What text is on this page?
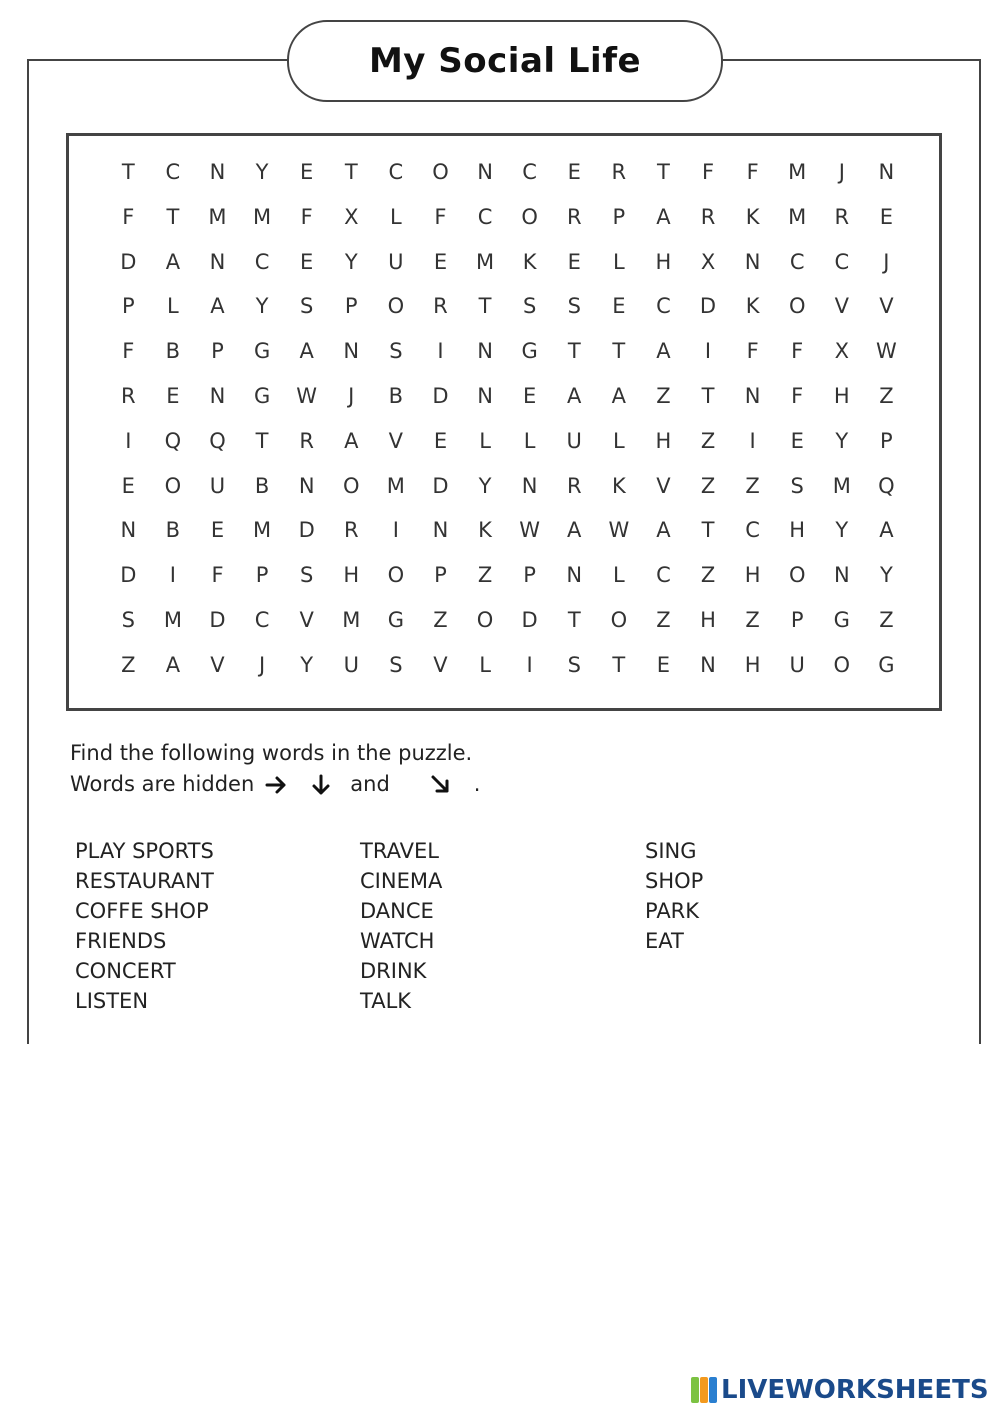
My Social Life
T	C	N	Y	E	T	C	O	N	C	E	R	T	F	F	M	J	N
F	T	M	M	F	X	L	F	C	O	R	P	A	R	K	M	R	E
D	A	N	C	E	Y	U	E	M	K	E	L	H	X	N	C	C	J
P	L	A	Y	S	P	O	R	T	S	S	E	C	D	K	O	V	V
F	B	P	G	A	N	S	I	N	G	T	T	A	I	F	F	X	W
R	E	N	G	W	J	B	D	N	E	A	A	Z	T	N	F	H	Z
I	Q	Q	T	R	A	V	E	L	L	U	L	H	Z	I	E	Y	P
E	O	U	B	N	O	M	D	Y	N	R	K	V	Z	Z	S	M	Q
N	B	E	M	D	R	I	N	K	W	A	W	A	T	C	H	Y	A
D	I	F	P	S	H	O	P	Z	P	N	L	C	Z	H	O	N	Y
S	M	D	C	V	M	G	Z	O	D	T	O	Z	H	Z	P	G	Z
Z	A	V	J	Y	U	S	V	L	I	S	T	E	N	H	U	O	G
Find the following words in the puzzle.
Words are hidden	and	.
PLAY SPORTS
RESTAURANT
COFFE SHOP
FRIENDS
CONCERT
LISTEN
TRAVEL
CINEMA
DANCE
WATCH
DRINK
TALK
SING
SHOP
PARK
EAT
LIVEWORKSHEETS
